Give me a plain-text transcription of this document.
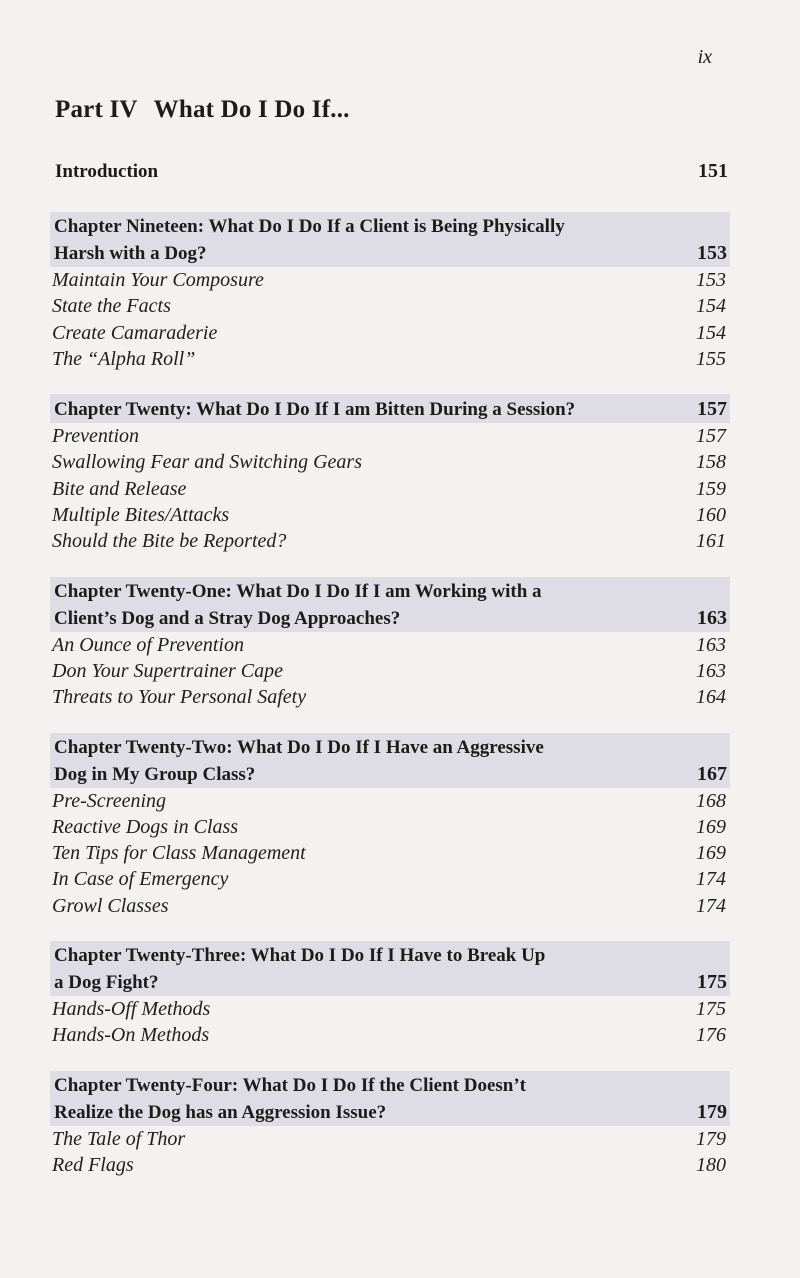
ix
Part IV What Do I Do If...
Introduction	151
Chapter Nineteen: What Do I Do If a Client is Being Physically
Harsh with a Dog?	153
Maintain Your Composure	153
State the Facts	154
Create Camaraderie	154
The “Alpha Roll”	155
Chapter Twenty: What Do I Do If I am Bitten During a Session?	157
Prevention	157
Swallowing Fear and Switching Gears	158
Bite and Release	159
Multiple Bites/Attacks	160
Should the Bite be Reported?	161
Chapter Twenty-One: What Do I Do If I am Working with a
Client’s Dog and a Stray Dog Approaches?	163
An Ounce of Prevention	163
Don Your Supertrainer Cape	163
Threats to Your Personal Safety	164
Chapter Twenty-Two: What Do I Do If I Have an Aggressive
Dog in My Group Class?	167
Pre-Screening	168
Reactive Dogs in Class	169
Ten Tips for Class Management	169
In Case of Emergency	174
Growl Classes	174
Chapter Twenty-Three: What Do I Do If I Have to Break Up
a Dog Fight?	175
Hands-Off Methods	175
Hands-On Methods	176
Chapter Twenty-Four: What Do I Do If the Client Doesn’t
Realize the Dog has an Aggression Issue?	179
The Tale of Thor	179
Red Flags	180
